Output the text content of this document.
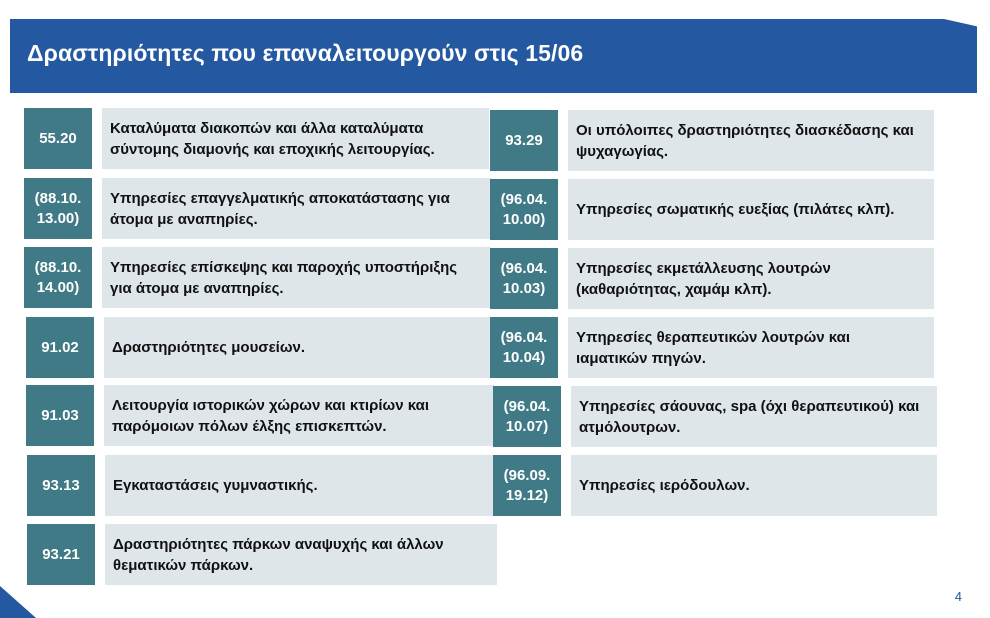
Δραστηριότητες που επαναλειτουργούν στις 15/06
55.20
Καταλύματα διακοπών και άλλα καταλύματα σύντομης διαμονής και εποχικής λειτουργίας.
(88.10.
13.00)
Υπηρεσίες επαγγελματικής αποκατάστασης για άτομα με αναπηρίες.
(88.10.
14.00)
Υπηρεσίες επίσκεψης και παροχής υποστήριξης για άτομα με αναπηρίες.
91.02	Δραστηριότητες μουσείων.
91.03
Λειτουργία ιστορικών χώρων και κτιρίων και παρόμοιων πόλων έλξης επισκεπτών.
93.13	Εγκαταστάσεις γυμναστικής.
93.21
Δραστηριότητες πάρκων αναψυχής και άλλων θεματικών πάρκων.
93.29
Οι υπόλοιπες δραστηριότητες διασκέδασης και ψυχαγωγίας.
(96.04.
10.00)
Υπηρεσίες σωματικής ευεξίας (πιλάτες κλπ).
(96.04.
10.03)
Υπηρεσίες εκμετάλλευσης λουτρών (καθαριότητας, χαμάμ κλπ).
(96.04.
10.04)
Υπηρεσίες θεραπευτικών λουτρών και ιαματικών πηγών.
(96.04.
10.07)
Υπηρεσίες σάουνας, spa (όχι θεραπευτικού) και ατμόλουτρων.
(96.09.
19.12)
Υπηρεσίες ιερόδουλων.
4
